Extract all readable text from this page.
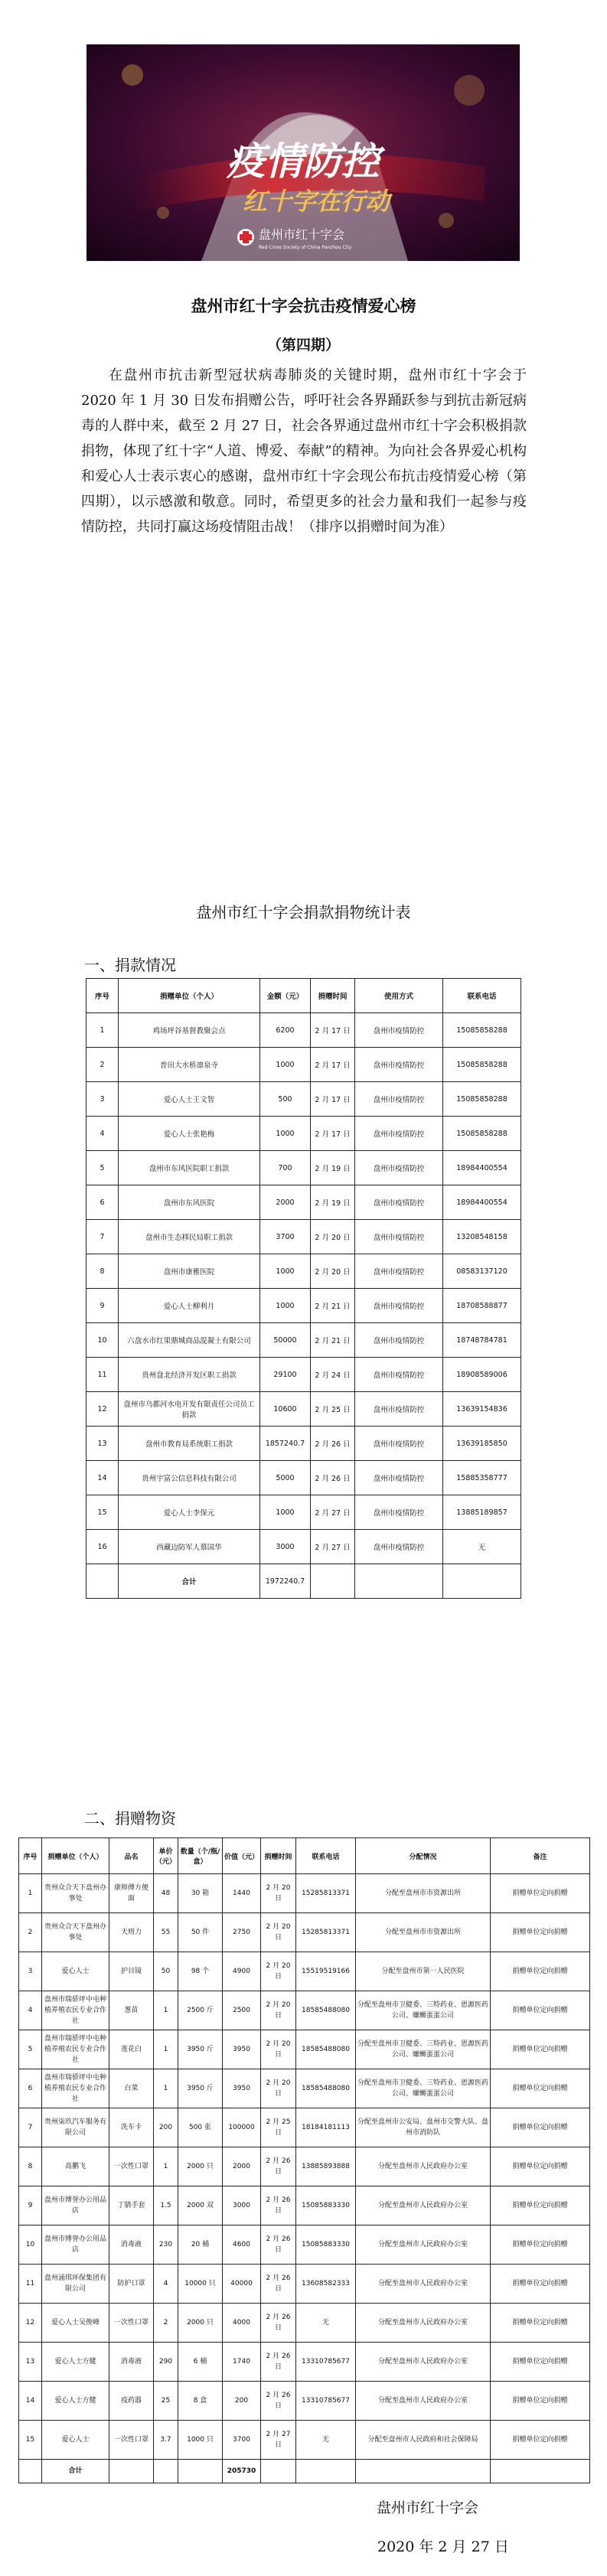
疫情防控
红十字在行动
盘州市红十字会
Red Cross Society of China Panzhou City
盘州市红十字会抗击疫情爱心榜
（第四期）
在盘州市抗击新型冠状病毒肺炎的关键时期，盘州市红十字会于 2020 年 1 月 30 日发布捐赠公告，呼吁社会各界踊跃参与到抗击新冠病毒的人群中来，截至 2 月 27 日，社会各界通过盘州市红十字会积极捐款捐物，体现了红十字“人道、博爱、奉献”的精神。为向社会各界爱心机构和爱心人士表示衷心的感谢，盘州市红十字会现公布抗击疫情爱心榜（第四期），以示感激和敬意。同时，希望更多的社会力量和我们一起参与疫情防控，共同打赢这场疫情阻击战！（排序以捐赠时间为准）
盘州市红十字会捐款捐物统计表
一、捐款情况
序号	捐赠单位（个人）	金额（元）	捐赠时间	使用方式	联系电话
1	鸡场坪谷基督教聚会点	6200	2 月 17 日	盘州市疫情防控	15085858288
2	普田大水桥凛泉寺	1000	2 月 17 日	盘州市疫情防控	15085858288
3	爱心人士王文智	500	2 月 17 日	盘州市疫情防控	15085858288
4	爱心人士张艳梅	1000	2 月 17 日	盘州市疫情防控	15085858288
5	盘州市东风医院职工捐款	700	2 月 19 日	盘州市疫情防控	18984400554
6	盘州市东风医院	2000	2 月 19 日	盘州市疫情防控	18984400554
7	盘州市生态移民局职工捐款	3700	2 月 20 日	盘州市疫情防控	13208548158
8	盘州市康雅医院	1000	2 月 20 日	盘州市疫情防控	08583137120
9	爱心人士柳利月	1000	2 月 21 日	盘州市疫情防控	18708588877
10	六盘水市红果鼎城商品混凝土有限公司	50000	2 月 21 日	盘州市疫情防控	18748784781
11	贵州盘北经济开发区职工捐款	29100	2 月 24 日	盘州市疫情防控	18908589006
12	盘州市乌都河水电开发有限责任公司员工捐款	10600	2 月 25 日	盘州市疫情防控	13639154836
13	盘州市教育局系统职工捐款	1857240.7	2 月 26 日	盘州市疫情防控	13639185850
14	贵州宇富公信息科技有限公司	5000	2 月 26 日	盘州市疫情防控	15885358777
15	爱心人士李保元	1000	2 月 27 日	盘州市疫情防控	13885189857
16	西藏边防军人慕国华	3000	2 月 27 日	盘州市疫情防控	无
	合计	1972240.7			
二、捐赠物资
序号	捐赠单位（个人）	品名	单价（元）	数量（个/瓶/盒）	价值（元）	捐赠时间	联系电话	分配情况	备注
1	贵州众合天下盘州办事处	康师傅方便面	48	30 箱	1440	2 月 20 日	15285813371	分配至盘州市市资源出所	捐赠单位定向捐赠
2	贵州众合天下盘州办事处	天则力	55	50 件	2750	2 月 20 日	15285813371	分配至盘州市市资源出所	捐赠单位定向捐赠
3	爱心人士	护目镜	50	98 个	4900	2 月 20 日	15519519166	分配至盘州市第一人民医院	捐赠单位定向捐赠
4	盘州市瑞骄坪中屯种植养殖农民专业合作社	葱苗	1	2500 斤	2500	2 月 20 日	18585488080	分配至盘州市卫健委、三特药业、恩源医药公司、螺蛳蛋蛋公司	捐赠单位定向捐赠
5	盘州市瑞骄坪中屯种植养殖农民专业合作社	莲花白	1	3950 斤	3950	2 月 20 日	18585488080	分配至盘州市卫健委、三特药业、恩源医药公司、螺蛳蛋蛋公司	捐赠单位定向捐赠
6	盘州市瑞骄坪中屯种植养殖农民专业合作社	白菜	1	3950 斤	3950	2 月 20 日	18585488080	分配至盘州市卫健委、三特药业、恩源医药公司、螺蛳蛋蛋公司	捐赠单位定向捐赠
7	贵州柒玖汽车服务有限公司	洗车卡	200	500 张	100000	2 月 25 日	18184181113	分配至盘州市公安局、盘州市交警大队、盘州市消防队	捐赠单位定向捐赠
8	高鹏飞	一次性口罩	1	2000 只	2000	2 月 26 日	13885893888	分配至盘州市人民政府办公室	捐赠单位定向捐赠
9	盘州市博誉办公用品店	丁腈手套	1.5	2000 双	3000	2 月 26 日	15085883330	分配至盘州市人民政府办公室	捐赠单位定向捐赠
10	盘州市博誉办公用品店	消毒液	230	20 桶	4600	2 月 26 日	15085883330	分配至盘州市人民政府办公室	捐赠单位定向捐赠
11	盘州涌琪环保集团有限公司	防护口罩	4	10000 只	40000	2 月 26 日	13608582333	分配至盘州市人民政府办公室	捐赠单位定向捐赠
12	爱心人士吴俊峰	一次性口罩	2	2000 只	4000	2 月 26 日	无	分配至盘州市人民政府办公室	捐赠单位定向捐赠
13	爱心人士方健	消毒液	290	6 桶	1740	2 月 26 日	13310785677	分配至盘州市人民政府办公室	捐赠单位定向捐赠
14	爱心人士方健	疫药器	25	8 盒	200	2 月 26 日	13310785677	分配至盘州市人民政府办公室	捐赠单位定向捐赠
15	爱心人士	一次性口罩	3.7	1000 只	3700	2 月 27 日	无	分配至盘州市人民政府和社会保障局	捐赠单位定向捐赠
	合计				205730				
盘州市红十字会
2020 年 2 月 27 日
